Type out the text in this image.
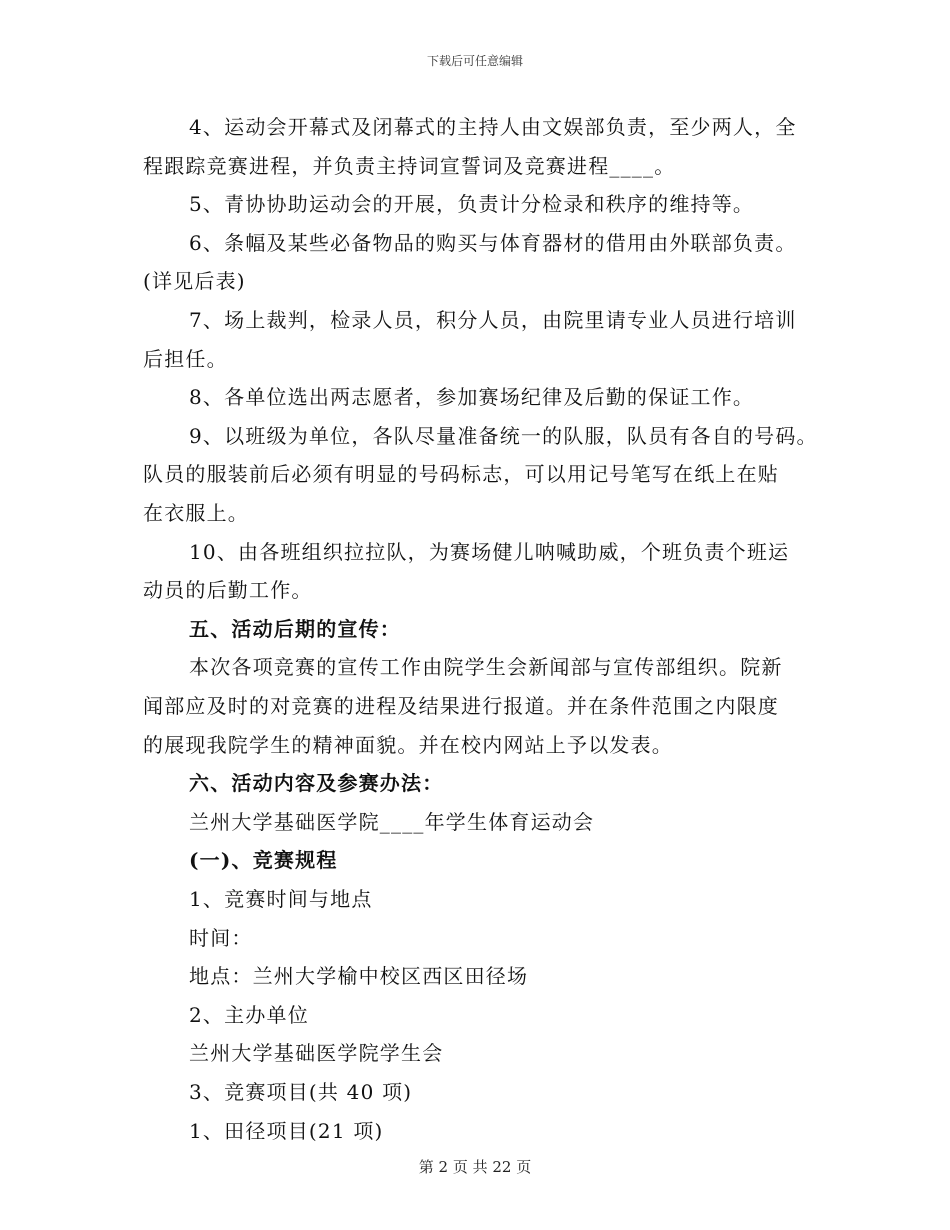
下载后可任意编辑
4、运动会开幕式及闭幕式的主持人由文娱部负责，至少两人，全
程跟踪竞赛进程，并负责主持词宣誓词及竞赛进程____。
5、青协协助运动会的开展，负责计分检录和秩序的维持等。
6、条幅及某些必备物品的购买与体育器材的借用由外联部负责。
(详见后表)
7、场上裁判，检录人员，积分人员，由院里请专业人员进行培训
后担任。
8、各单位选出两志愿者，参加赛场纪律及后勤的保证工作。
9、以班级为单位，各队尽量准备统一的队服，队员有各自的号码。
队员的服装前后必须有明显的号码标志，可以用记号笔写在纸上在贴
在衣服上。
10、由各班组织拉拉队，为赛场健儿呐喊助威，个班负责个班运
动员的后勤工作。
五、活动后期的宣传：
本次各项竞赛的宣传工作由院学生会新闻部与宣传部组织。院新
闻部应及时的对竞赛的进程及结果进行报道。并在条件范围之内限度
的展现我院学生的精神面貌。并在校内网站上予以发表。
六、活动内容及参赛办法：
兰州大学基础医学院____年学生体育运动会
(一)、竞赛规程
1、竞赛时间与地点
时间：
地点：兰州大学榆中校区西区田径场
2、主办单位
兰州大学基础医学院学生会
3、竞赛项目(共 40 项)
1、田径项目(21 项)
第 2 页 共 22 页
